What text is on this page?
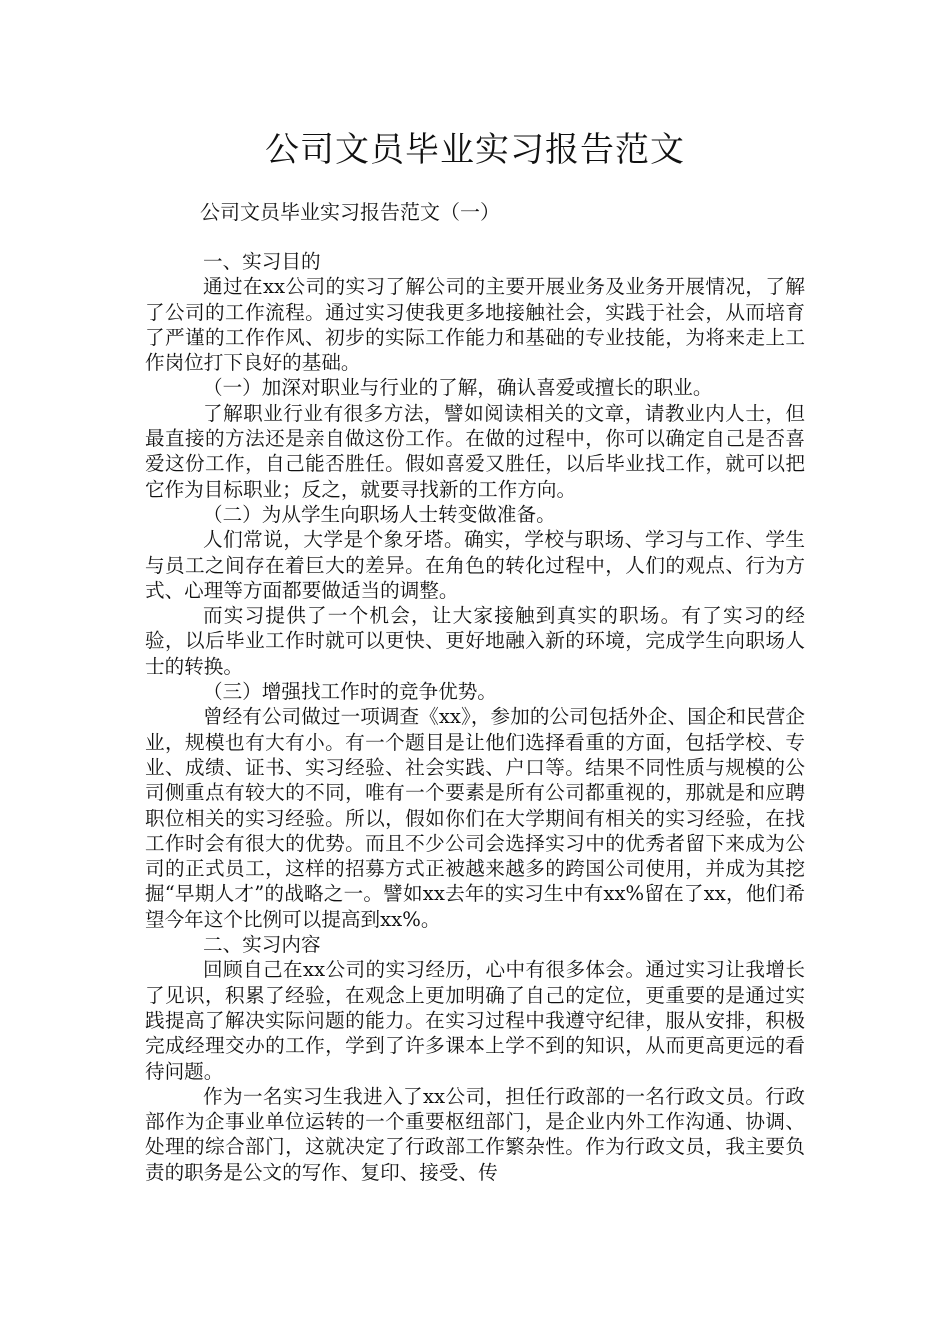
公司文员毕业实习报告范文
公司文员毕业实习报告范文（一）

一、实习目的

通过在xx公司的实习了解公司的主要开展业务及业务开展情况，了解了公司的工作流程。通过实习使我更多地接触社会，实践于社会，从而培育了严谨的工作作风、初步的实际工作能力和基础的专业技能，为将来走上工作岗位打下良好的基础。

（一）加深对职业与行业的了解，确认喜爱或擅长的职业。

了解职业行业有很多方法，譬如阅读相关的文章，请教业内人士，但最直接的方法还是亲自做这份工作。在做的过程中，你可以确定自己是否喜爱这份工作，自己能否胜任。假如喜爱又胜任，以后毕业找工作，就可以把它作为目标职业；反之，就要寻找新的工作方向。

（二）为从学生向职场人士转变做准备。

人们常说，大学是个象牙塔。确实，学校与职场、学习与工作、学生与员工之间存在着巨大的差异。在角色的转化过程中，人们的观点、行为方式、心理等方面都要做适当的调整。

而实习提供了一个机会，让大家接触到真实的职场。有了实习的经验，以后毕业工作时就可以更快、更好地融入新的环境，完成学生向职场人士的转换。

（三）增强找工作时的竞争优势。

曾经有公司做过一项调查《xx》，参加的公司包括外企、国企和民营企业，规模也有大有小。有一个题目是让他们选择看重的方面，包括学校、专业、成绩、证书、实习经验、社会实践、户口等。结果不同性质与规模的公司侧重点有较大的不同，唯有一个要素是所有公司都重视的，那就是和应聘职位相关的实习经验。所以，假如你们在大学期间有相关的实习经验，在找工作时会有很大的优势。而且不少公司会选择实习中的优秀者留下来成为公司的正式员工，这样的招募方式正被越来越多的跨国公司使用，并成为其挖掘“早期人才”的战略之一。譬如xx去年的实习生中有xx%留在了xx，他们希望今年这个比例可以提高到xx%。

二、实习内容

回顾自己在xx公司的实习经历，心中有很多体会。通过实习让我增长了见识，积累了经验，在观念上更加明确了自己的定位，更重要的是通过实践提高了解决实际问题的能力。在实习过程中我遵守纪律，服从安排，积极完成经理交办的工作，学到了许多课本上学不到的知识，从而更高更远的看待问题。

作为一名实习生我进入了xx公司，担任行政部的一名行政文员。行政部作为企事业单位运转的一个重要枢纽部门，是企业内外工作沟通、协调、处理的综合部门，这就决定了行政部工作繁杂性。作为行政文员，我主要负责的职务是公文的写作、复印、接受、传
